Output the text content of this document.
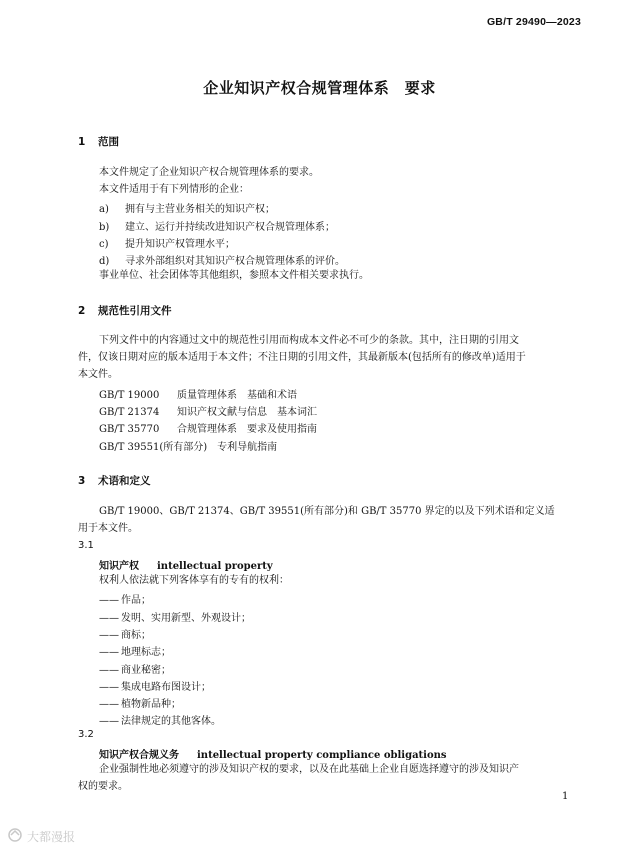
GB/T 29490—2023
企业知识产权合规管理体系　要求
1 范围
本文件规定了企业知识产权合规管理体系的要求。
本文件适用于有下列情形的企业：
a) 拥有与主营业务相关的知识产权；
b) 建立、运行并持续改进知识产权合规管理体系；
c) 提升知识产权管理水平；
d) 寻求外部组织对其知识产权合规管理体系的评价。
事业单位、社会团体等其他组织，参照本文件相关要求执行。
2 规范性引用文件
下列文件中的内容通过文中的规范性引用而构成本文件必不可少的条款。其中，注日期的引用文
件，仅该日期对应的版本适用于本文件；不注日期的引用文件，其最新版本(包括所有的修改单)适用于
本文件。
GB/T 19000 质量管理体系　基础和术语
GB/T 21374 知识产权文献与信息　基本词汇
GB/T 35770 合规管理体系　要求及使用指南
GB/T 39551(所有部分)　 专利导航指南
3 术语和定义
GB/T 19000、GB/T 21374、GB/T 39551(所有部分)和 GB/T 35770 界定的以及下列术语和定义适
用于本文件。
3.1
知识产权 intellectual property
权利人依法就下列客体享有的专有的权利：
—— 作品；
—— 发明、实用新型、外观设计；
—— 商标；
—— 地理标志；
—— 商业秘密；
—— 集成电路布图设计；
—— 植物新品种；
—— 法律规定的其他客体。
3.2
知识产权合规义务 intellectual property compliance obligations
企业强制性地必须遵守的涉及知识产权的要求，以及在此基础上企业自愿选择遵守的涉及知识产
权的要求。
1
大都漫报
